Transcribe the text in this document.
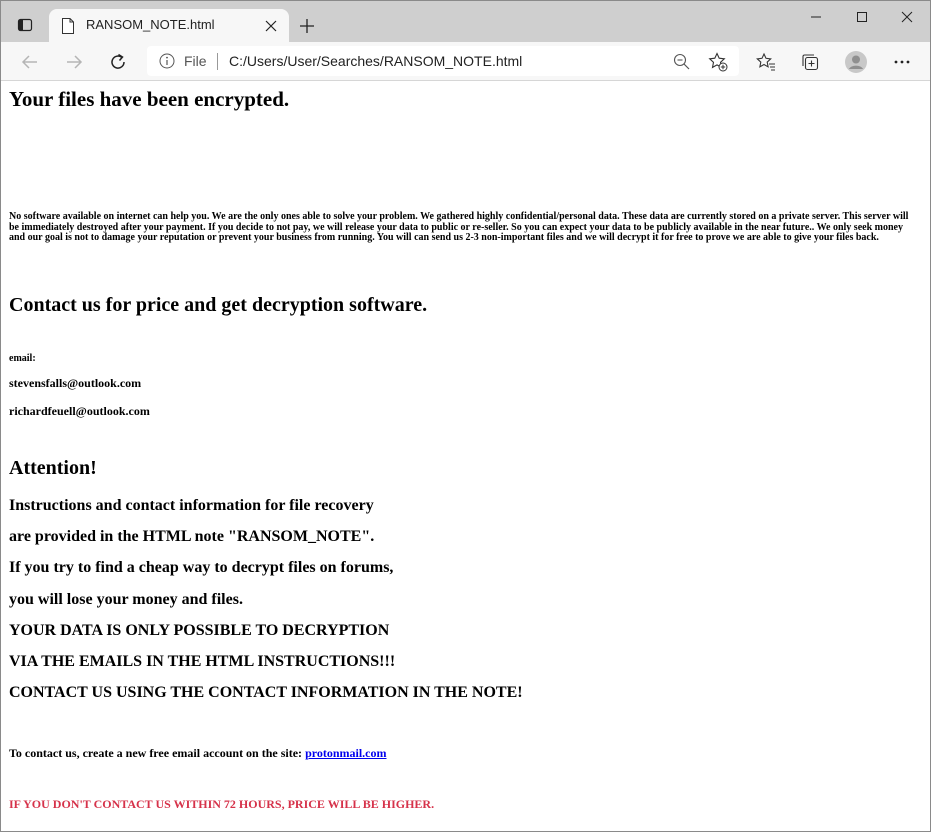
RANSOM_NOTE.html
File C:/Users/User/Searches/RANSOM_NOTE.html
Your files have been encrypted.

No software available on internet can help you. We are the only ones able to solve your problem. We gathered highly confidential/personal data. These data are currently stored on a private server. This server will be immediately destroyed after your payment. If you decide to not pay, we will release your data to public or re-seller. So you can expect your data to be publicly available in the near future.. We only seek money and our goal is not to damage your reputation or prevent your business from running. You will can send us 2-3 non-important files and we will decrypt it for free to prove we are able to give your files back.

Contact us for price and get decryption software.

email:

stevensfalls@outlook.com

richardfeuell@outlook.com

Attention!

Instructions and contact information for file recovery

are provided in the HTML note "RANSOM_NOTE".

If you try to find a cheap way to decrypt files on forums,

you will lose your money and files.

YOUR DATA IS ONLY POSSIBLE TO DECRYPTION

VIA THE EMAILS IN THE HTML INSTRUCTIONS!!!

CONTACT US USING THE CONTACT INFORMATION IN THE NOTE!

To contact us, create a new free email account on the site: protonmail.com

IF YOU DON'T CONTACT US WITHIN 72 HOURS, PRICE WILL BE HIGHER.
